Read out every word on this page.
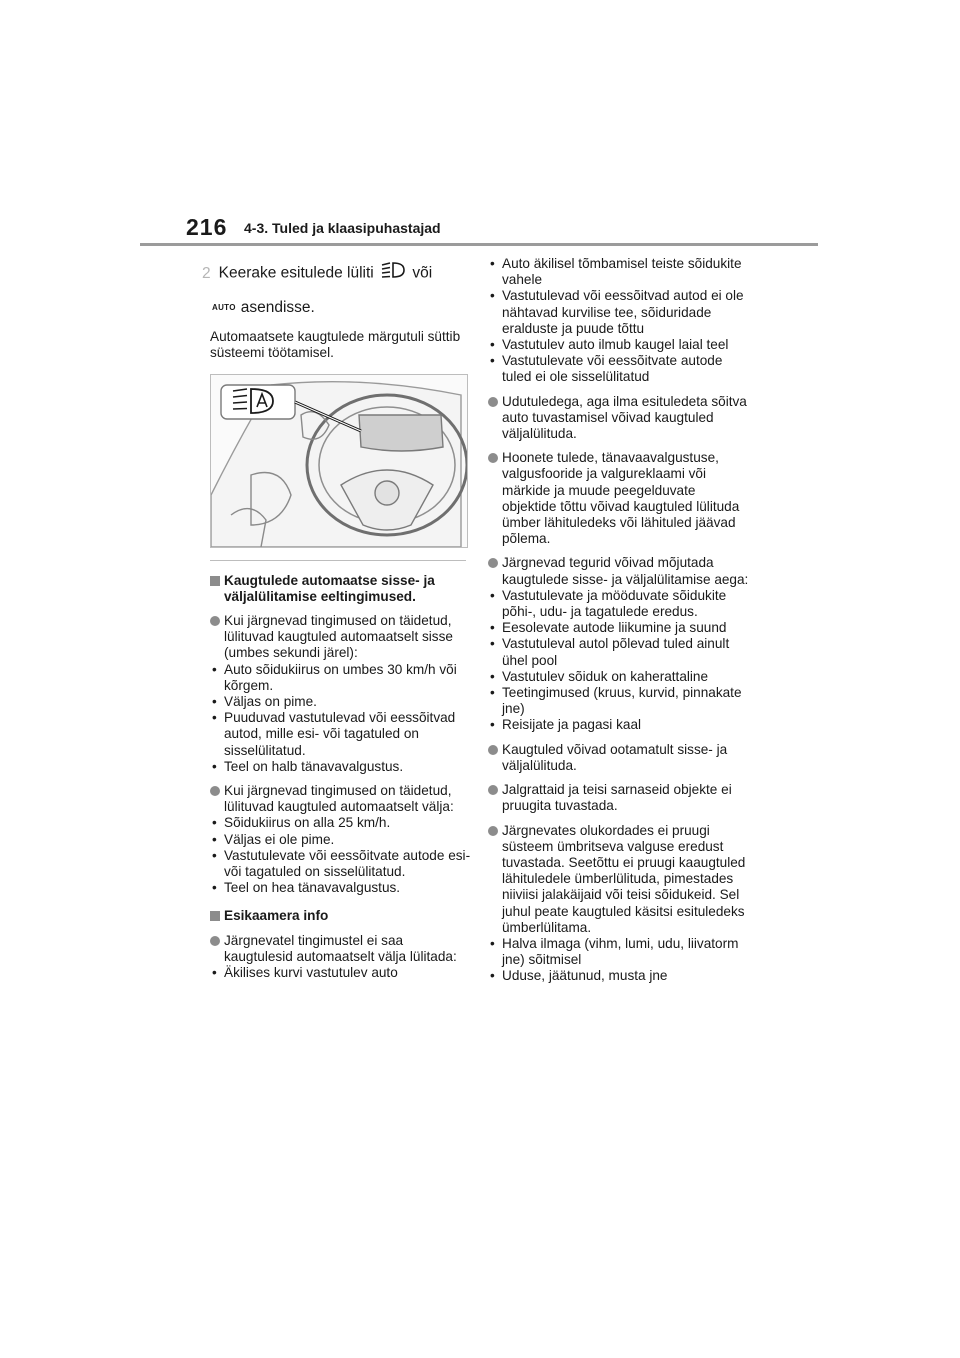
216 4-3. Tuled ja klaasipuhastajad
2 Keerake esitulede lüliti või
AUTO asendisse.
Automaatsete kaugtulede märgutuli süttib süsteemi töötamisel.
Kaugtulede automaatse sisse- ja väljalülitamise eeltingimused.
Kui järgnevad tingimused on täidetud, lülituvad kaugtuled automaatselt sisse (umbes sekundi järel):
• Auto sõidukiirus on umbes 30 km/h või kõrgem.
• Väljas on pime.
• Puuduvad vastutulevad või eessõitvad autod, mille esi- või tagatuled on sisselülitatud.
• Teel on halb tänavavalgustus.
Kui järgnevad tingimused on täidetud, lülituvad kaugtuled automaatselt välja:
• Sõidukiirus on alla 25 km/h.
• Väljas ei ole pime.
• Vastutulevate või eessõitvate autode esi- või tagatuled on sisselülitatud.
• Teel on hea tänavavalgustus.
Esikaamera info
Järgnevatel tingimustel ei saa kaugtulesid automaatselt välja lülitada:
• Äkilises kurvi vastutulev auto
• Auto äkilisel tõmbamisel teiste sõidukite vahele
• Vastutulevad või eessõitvad autod ei ole nähtavad kurvilise tee, sõiduridade eralduste ja puude tõttu
• Vastutulev auto ilmub kaugel laial teel
• Vastutulevate või eessõitvate autode tuled ei ole sisselülitatud
Udutuledega, aga ilma esituledeta sõitva auto tuvastamisel võivad kaugtuled väljalülituda.
Hoonete tulede, tänavaavalgustuse, valgusfooride ja valgureklaami või märkide ja muude peegelduvate objektide tõttu võivad kaugtuled lülituda ümber lähituledeks või lähituled jäävad põlema.
Järgnevad tegurid võivad mõjutada kaugtulede sisse- ja väljalülitamise aega:
• Vastutulevate ja mööduvate sõidukite põhi-, udu- ja tagatulede eredus.
• Eesolevate autode liikumine ja suund
• Vastutuleval autol põlevad tuled ainult ühel pool
• Vastutulev sõiduk on kaherattaline
• Teetingimused (kruus, kurvid, pinnakate jne)
• Reisijate ja pagasi kaal
Kaugtuled võivad ootamatult sisse- ja väljalülituda.
Jalgrattaid ja teisi sarnaseid objekte ei pruugita tuvastada.
Järgnevates olukordades ei pruugi süsteem ümbritseva valguse eredust tuvastada. Seetõttu ei pruugi kaaugtuled lähituledele ümberlülituda, pimestades niiviisi jalakäijaid või teisi sõidukeid. Sel juhul peate kaugtuled käsitsi esituledeks ümberlülitama.
• Halva ilmaga (vihm, lumi, udu, liivatorm jne) sõitmisel
• Uduse, jäätunud, musta jne
